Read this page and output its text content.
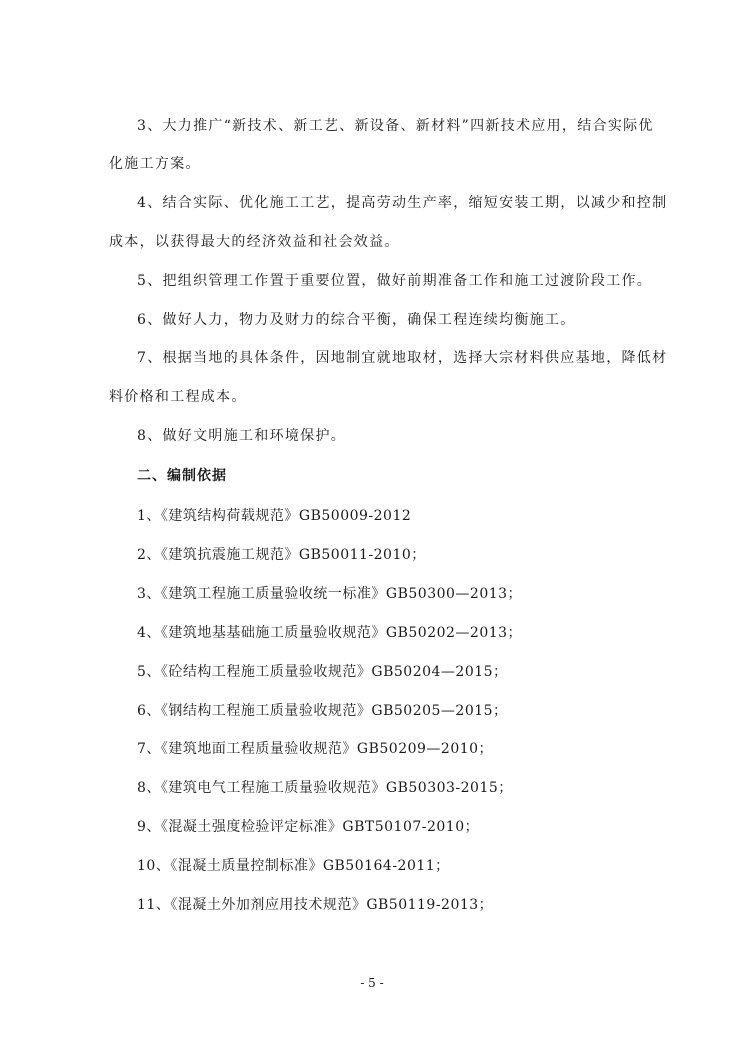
3、大力推广“新技术、新工艺、新设备、新材料”四新技术应用，结合实际优
化施工方案。
4、结合实际、优化施工工艺，提高劳动生产率，缩短安装工期，以减少和控制
成本，以获得最大的经济效益和社会效益。
5、把组织管理工作置于重要位置，做好前期准备工作和施工过渡阶段工作。
6、做好人力，物力及财力的综合平衡，确保工程连续均衡施工。
7、根据当地的具体条件，因地制宜就地取材，选择大宗材料供应基地，降低材
料价格和工程成本。
8、做好文明施工和环境保护。
二、编制依据
1、《建筑结构荷载规范》GB50009-2012
2、《建筑抗震施工规范》GB50011-2010；
3、《建筑工程施工质量验收统一标准》GB50300—2013；
4、《建筑地基基础施工质量验收规范》GB50202—2013；
5、《砼结构工程施工质量验收规范》GB50204—2015；
6、《钢结构工程施工质量验收规范》GB50205—2015；
7、《建筑地面工程质量验收规范》GB50209—2010；
8、《建筑电气工程施工质量验收规范》GB50303-2015；
9、《混凝土强度检验评定标准》GBT50107-2010；
10、《混凝土质量控制标准》GB50164-2011；
11、《混凝土外加剂应用技术规范》GB50119-2013；
- 5 -
